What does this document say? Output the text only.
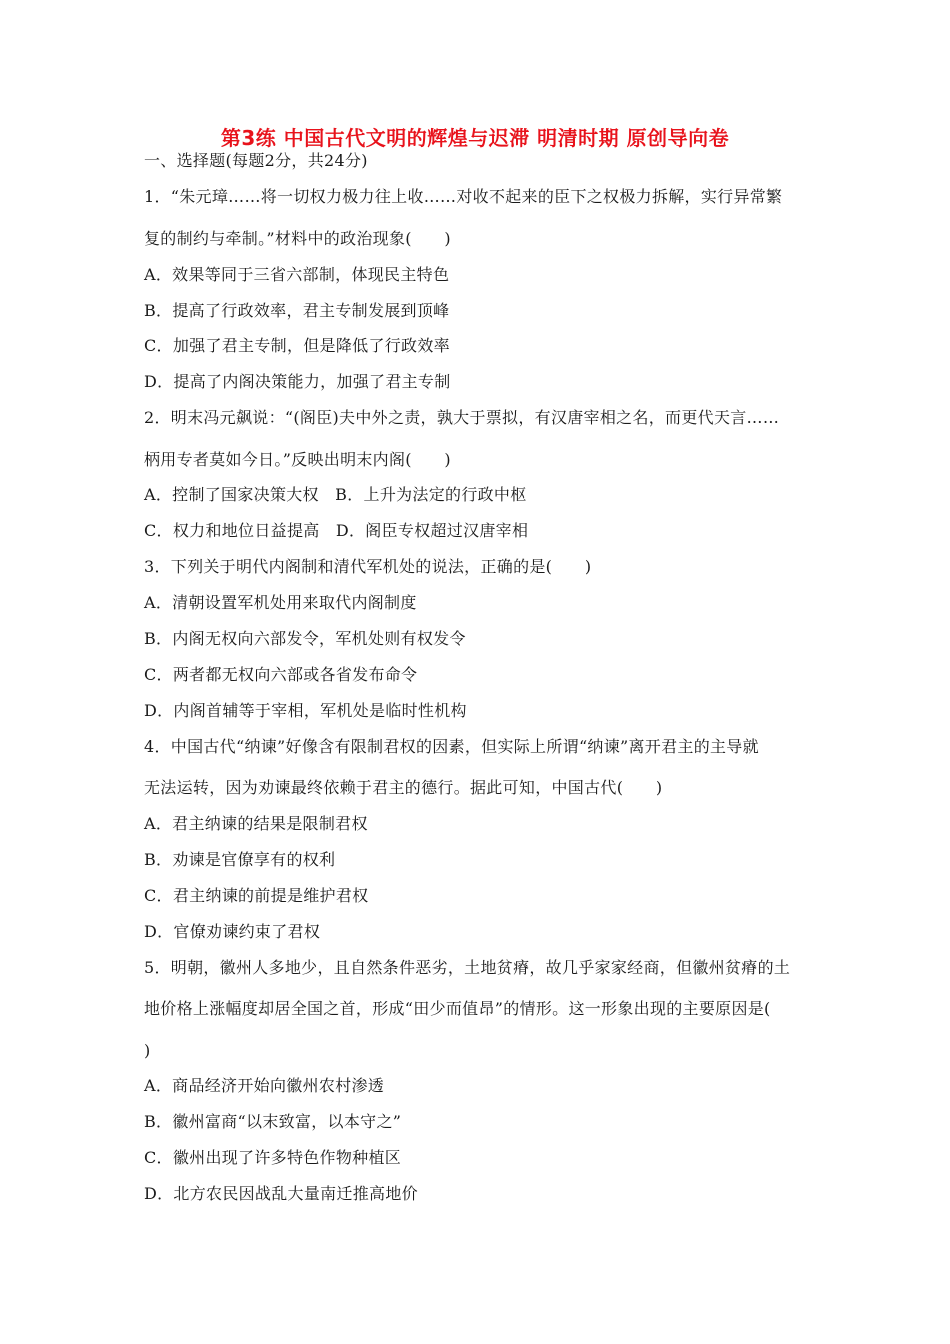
第3练 中国古代文明的辉煌与迟滞 明清时期 原创导向卷
一、选择题(每题2分，共24分)
1．“朱元璋……将一切权力极力往上收……对收不起来的臣下之权极力拆解，实行异常繁
复的制约与牵制。”材料中的政治现象(　　)
A．效果等同于三省六部制，体现民主特色
B．提高了行政效率，君主专制发展到顶峰
C．加强了君主专制，但是降低了行政效率
D．提高了内阁决策能力，加强了君主专制
2．明末冯元飙说：“(阁臣)夫中外之责，孰大于票拟，有汉唐宰相之名，而更代天言……
柄用专者莫如今日。”反映出明末内阁(　　)
A．控制了国家决策大权　B．上升为法定的行政中枢
C．权力和地位日益提高　D．阁臣专权超过汉唐宰相
3．下列关于明代内阁制和清代军机处的说法，正确的是(　　)
A．清朝设置军机处用来取代内阁制度
B．内阁无权向六部发令，军机处则有权发令
C．两者都无权向六部或各省发布命令
D．内阁首辅等于宰相，军机处是临时性机构
4．中国古代“纳谏”好像含有限制君权的因素，但实际上所谓“纳谏”离开君主的主导就
无法运转，因为劝谏最终依赖于君主的德行。据此可知，中国古代(　　)
A．君主纳谏的结果是限制君权
B．劝谏是官僚享有的权利
C．君主纳谏的前提是维护君权
D．官僚劝谏约束了君权
5．明朝，徽州人多地少，且自然条件恶劣，土地贫瘠，故几乎家家经商，但徽州贫瘠的土
地价格上涨幅度却居全国之首，形成“田少而值昂”的情形。这一形象出现的主要原因是(
)
A．商品经济开始向徽州农村渗透
B．徽州富商“以末致富，以本守之”
C．徽州出现了许多特色作物种植区
D．北方农民因战乱大量南迁推高地价
